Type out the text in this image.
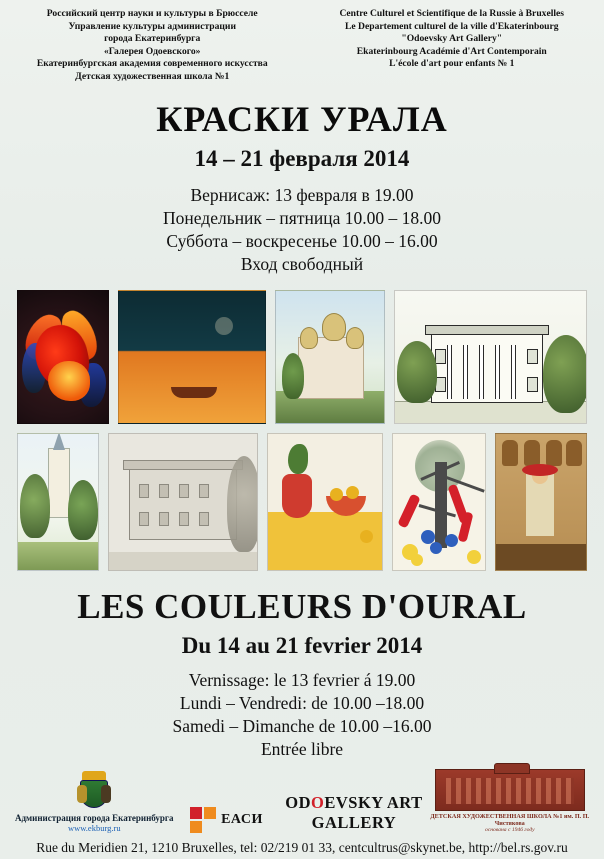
Российский центр науки и культуры в Брюсселе
Управление культуры администрации
города Екатеринбурга
«Галерея Одоевского»
Екатеринбургская академия современного искусства
Детская художественная школа №1
Centre Culturel et Scientifique de la Russie à Bruxelles
Le Departement culturel de la ville d'Ekaterinbourg
"Odoevsky Art Gallery"
Ekaterinbourg Académie d'Art Contemporain
L'école d'art pour enfants № 1
КРАСКИ УРАЛА
14 – 21 февраля 2014
Вернисаж: 13 февраля в 19.00
Понедельник – пятница 10.00 – 18.00
Суббота – воскресенье 10.00 – 16.00
Вход свободный
LES COULEURS D'OURAL
Du 14 au 21 fevrier 2014
Vernissage: le 13 fevrier á 19.00
Lundi – Vendredi: de 10.00 –18.00
Samedi – Dimanche de 10.00 –16.00
Entrée libre
Администрация города Екатеринбурга
www.ekburg.ru
ЕАСИ
ODOEVSKY ART GALLERY	ДЕТСКАЯ ХУДОЖЕСТВЕННАЯ ШКОЛА №1 им. П. П. Чистякова
основана с 1946 году
Rue du Meridien 21, 1210 Bruxelles, tel: 02/219 01 33, centcultrus@skynet.be, http://bel.rs.gov.ru
